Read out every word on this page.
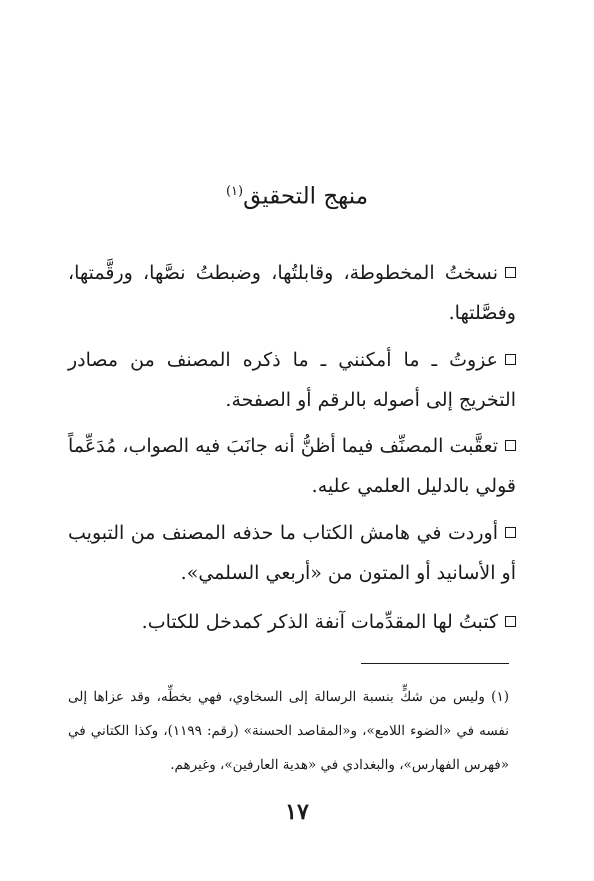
منهج التحقيق$^{(١)}$
نسختُ المخطوطة، وقابلتُها، وضبطتُ نصَّها، ورقَّمتها، وفصَّلتها.
عزوتُ ـ ما أمكنني ـ ما ذكره المصنف من مصادر التخريج إلى أصوله بالرقم أو الصفحة.
تعقَّبت المصنِّف فيما أظنُّ أنه جانَبَ فيه الصواب، مُدَعِّماً قولي بالدليل العلمي عليه.
أوردت في هامش الكتاب ما حذفه المصنف من التبويب أو الأسانيد أو المتون من «أربعي السلمي».
كتبتُ لها المقدِّمات آنفة الذكر كمدخل للكتاب.
(١) وليس من شكٍّ بنسبة الرسالة إلى السخاوي، فهي بخطِّه، وقد عزاها إلى نفسه في «الضوء اللامع»، و«المقاصد الحسنة» (رقم: ١١٩٩)، وكذا الكتاني في «فهرس الفهارس»، والبغدادي في «هدية العارفين»، وغيرهم.
١٧
